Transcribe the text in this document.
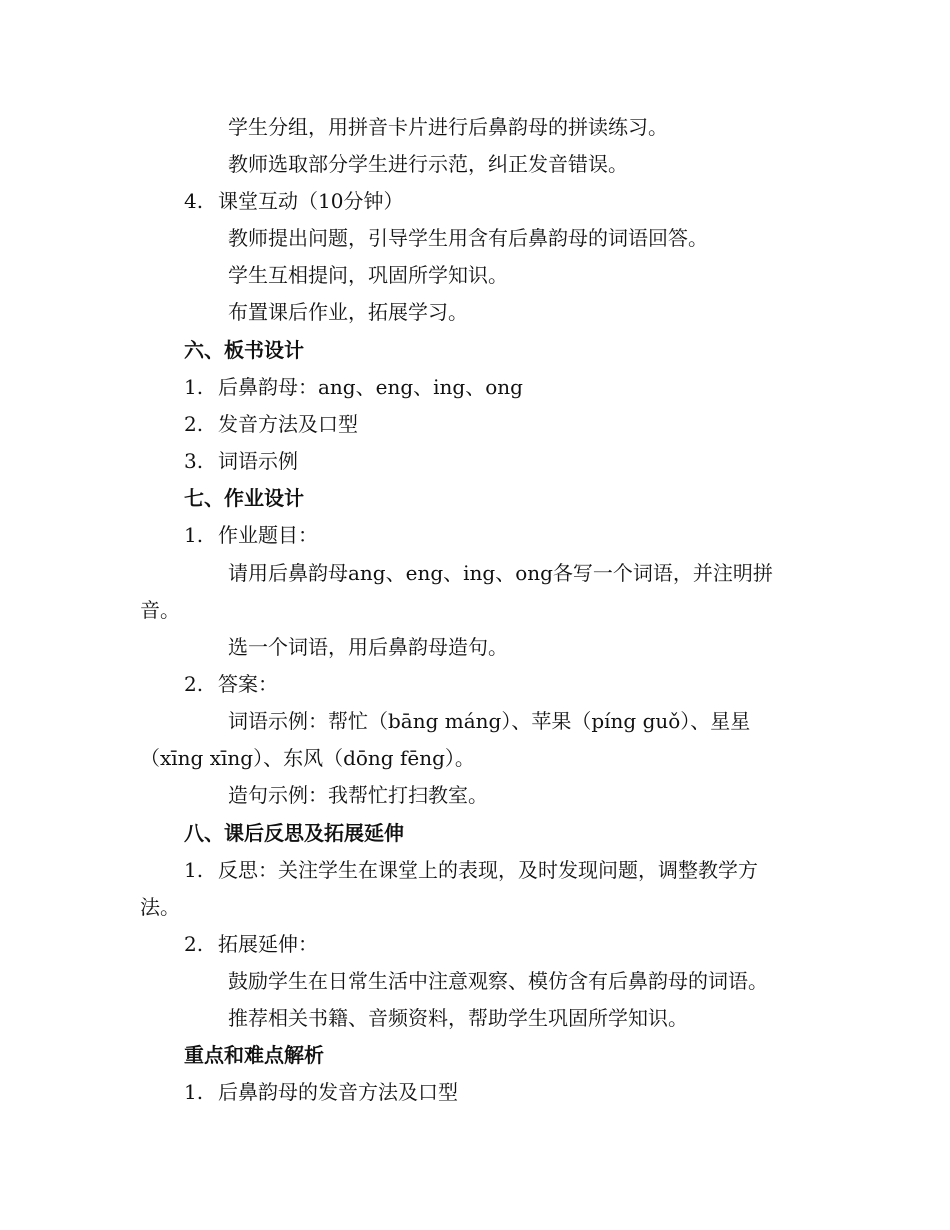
学生分组，用拼音卡片进行后鼻韵母的拼读练习。
教师选取部分学生进行示范，纠正发音错误。
4. 课堂互动（10分钟）
教师提出问题，引导学生用含有后鼻韵母的词语回答。
学生互相提问，巩固所学知识。
布置课后作业，拓展学习。
六、板书设计
1. 后鼻韵母：ang、eng、ing、ong
2. 发音方法及口型
3. 词语示例
七、作业设计
1. 作业题目：
请用后鼻韵母ang、eng、ing、ong各写一个词语，并注明拼
音。
选一个词语，用后鼻韵母造句。
2. 答案：
词语示例：帮忙（bāng máng）、苹果（píng guǒ）、星星
（xīng xīng）、东风（dōng fēng）。
造句示例：我帮忙打扫教室。
八、课后反思及拓展延伸
1. 反思：关注学生在课堂上的表现，及时发现问题，调整教学方
法。
2. 拓展延伸：
鼓励学生在日常生活中注意观察、模仿含有后鼻韵母的词语。
推荐相关书籍、音频资料，帮助学生巩固所学知识。
重点和难点解析
1. 后鼻韵母的发音方法及口型
